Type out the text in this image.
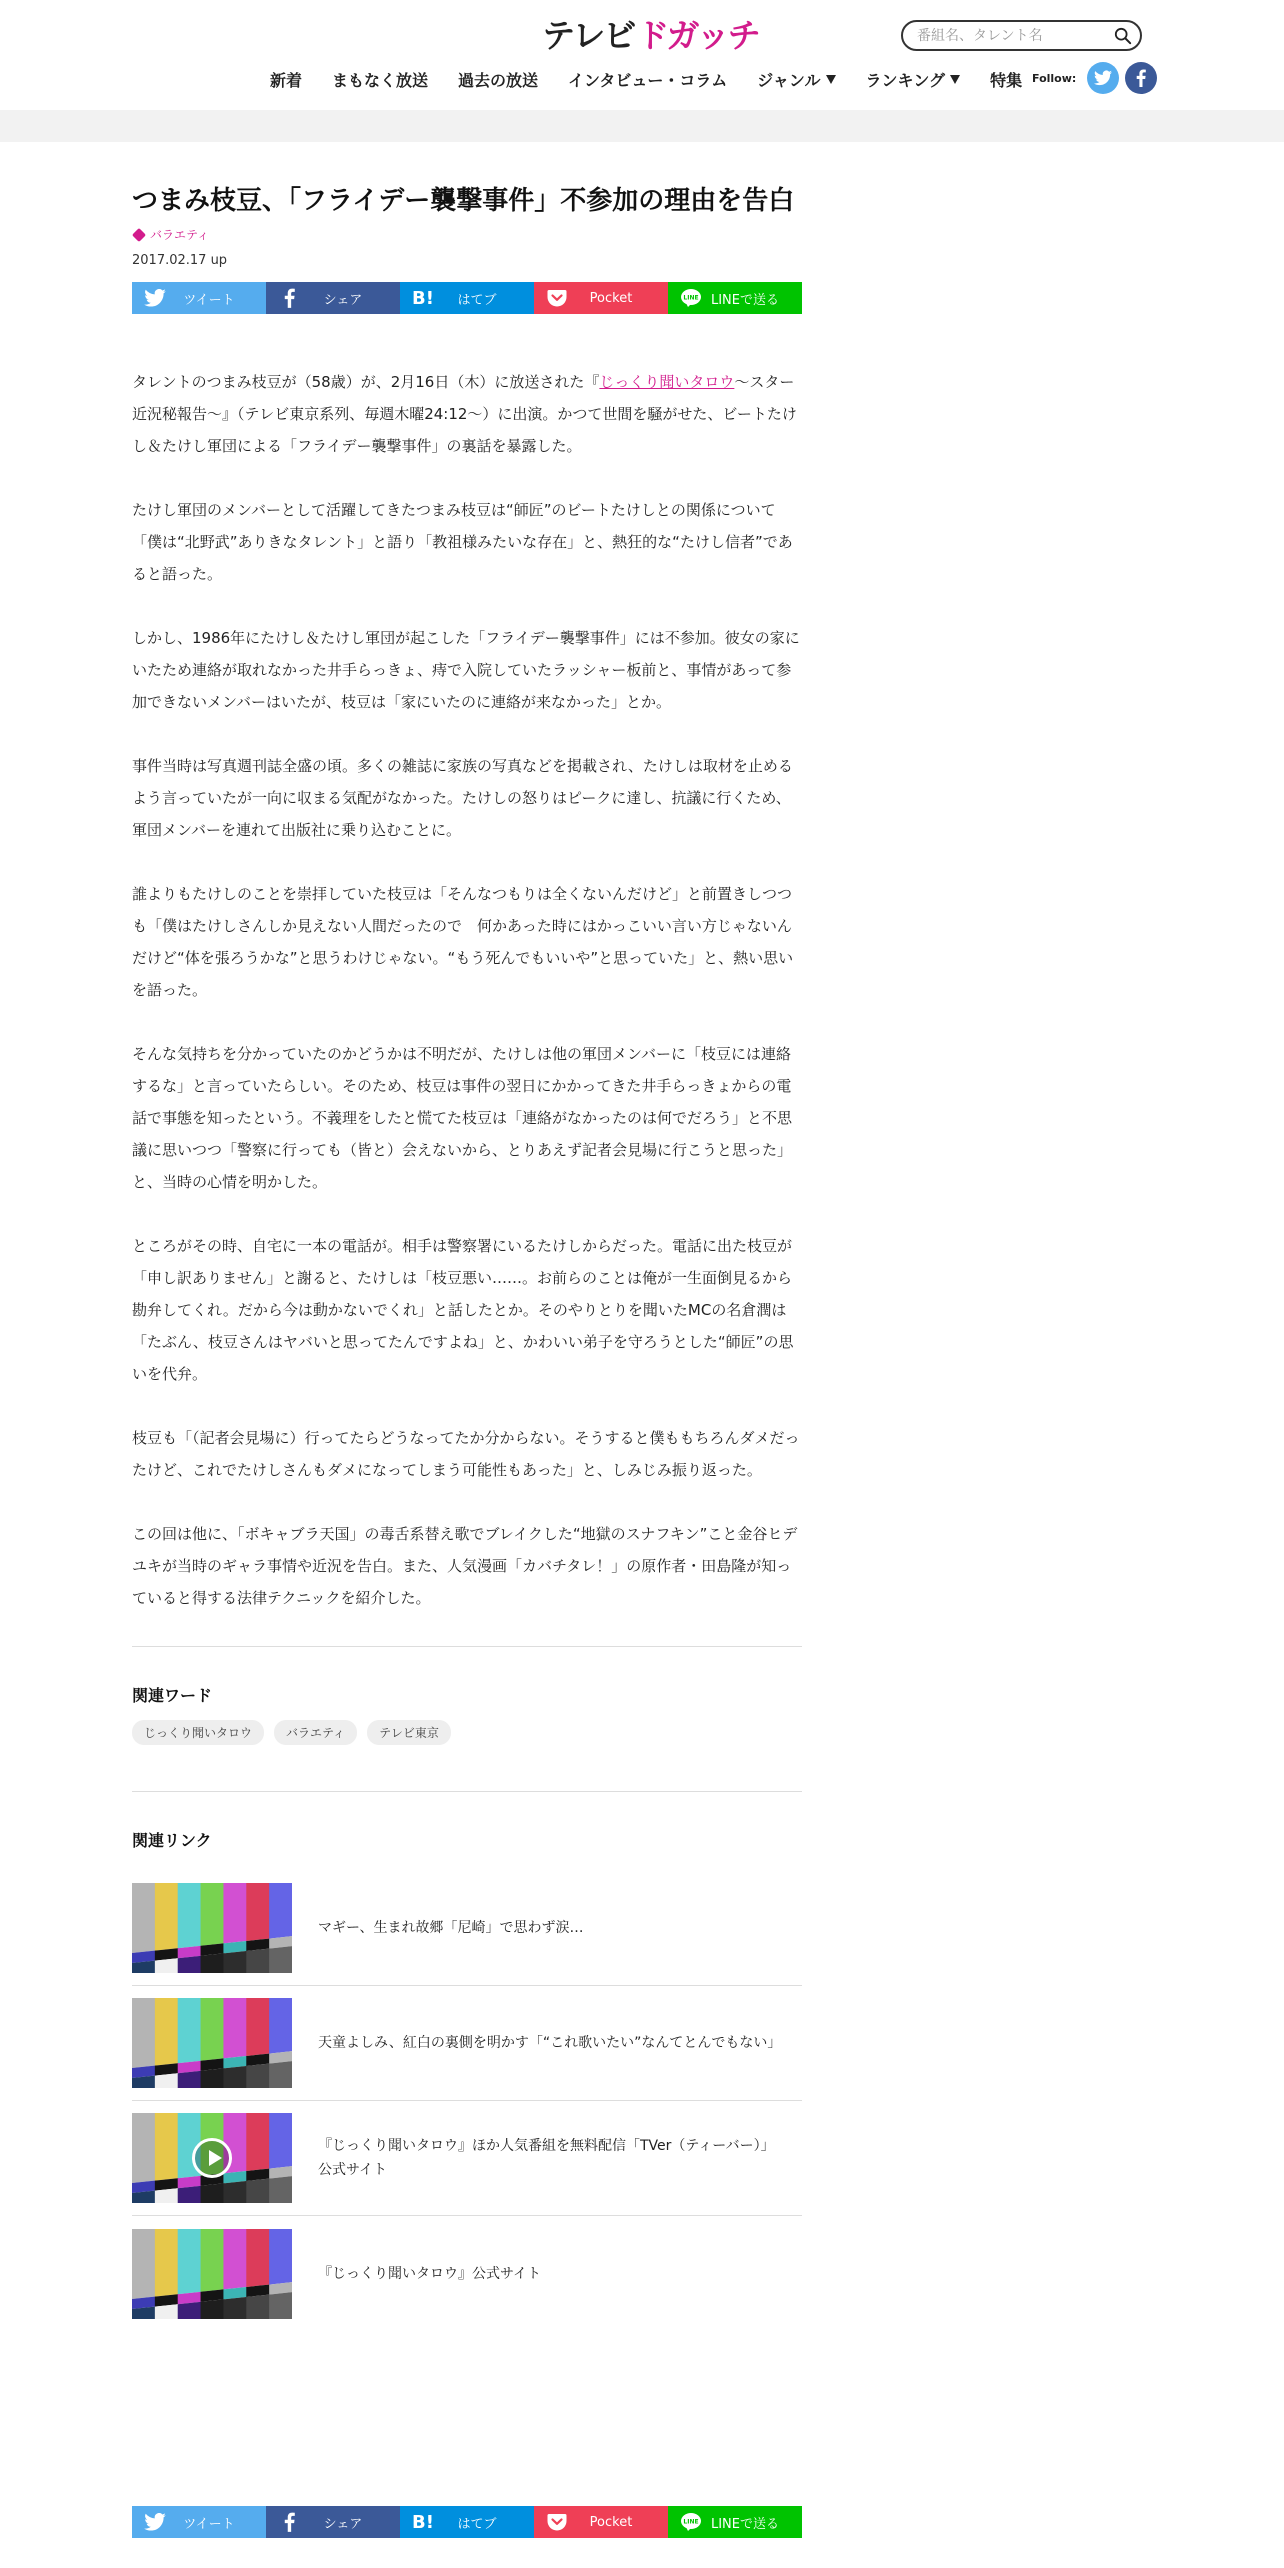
テレビ ドガッチ
番組名、タレント名
新着 まもなく放送 過去の放送 インタビュー・コラム ジャンル	ランキング	特集 Follow:
つまみ枝豆、「フライデー襲撃事件」不参加の理由を告白
バラエティ
2017.02.17 up
ツイート	シェア	B!	はてブ	Pocket	LINE LINEで送る

タレントのつまみ枝豆が（58歳）が、2月16日（木）に放送された『じっくり聞いタロウ～スター近況秘報告～』（テレビ東京系列、毎週木曜24:12～）に出演。かつて世間を騒がせた、ビートたけし＆たけし軍団による「フライデー襲撃事件」の裏話を暴露した。

たけし軍団のメンバーとして活躍してきたつまみ枝豆は“師匠”のビートたけしとの関係について「僕は“北野武”ありきなタレント」と語り「教祖様みたいな存在」と、熱狂的な“たけし信者”であると語った。

しかし、1986年にたけし＆たけし軍団が起こした「フライデー襲撃事件」には不参加。彼女の家にいたため連絡が取れなかった井手らっきょ、痔で入院していたラッシャー板前と、事情があって参加できないメンバーはいたが、枝豆は「家にいたのに連絡が来なかった」とか。

事件当時は写真週刊誌全盛の頃。多くの雑誌に家族の写真などを掲載され、たけしは取材を止めるよう言っていたが一向に収まる気配がなかった。たけしの怒りはピークに達し、抗議に行くため、軍団メンバーを連れて出版社に乗り込むことに。

誰よりもたけしのことを崇拝していた枝豆は「そんなつもりは全くないんだけど」と前置きしつつも「僕はたけしさんしか見えない人間だったので　何かあった時にはかっこいい言い方じゃないんだけど“体を張ろうかな”と思うわけじゃない。“もう死んでもいいや”と思っていた」と、熱い思いを語った。

そんな気持ちを分かっていたのかどうかは不明だが、たけしは他の軍団メンバーに「枝豆には連絡するな」と言っていたらしい。そのため、枝豆は事件の翌日にかかってきた井手らっきょからの電話で事態を知ったという。不義理をしたと慌てた枝豆は「連絡がなかったのは何でだろう」と不思議に思いつつ「警察に行っても（皆と）会えないから、とりあえず記者会見場に行こうと思った」と、当時の心情を明かした。

ところがその時、自宅に一本の電話が。相手は警察署にいるたけしからだった。電話に出た枝豆が「申し訳ありません」と謝ると、たけしは「枝豆悪い……。お前らのことは俺が一生面倒見るから勘弁してくれ。だから今は動かないでくれ」と話したとか。そのやりとりを聞いたMCの名倉潤は「たぶん、枝豆さんはヤバいと思ってたんですよね」と、かわいい弟子を守ろうとした“師匠”の思いを代弁。

枝豆も「（記者会見場に）行ってたらどうなってたか分からない。そうすると僕ももちろんダメだったけど、これでたけしさんもダメになってしまう可能性もあった」と、しみじみ振り返った。

この回は他に、「ボキャブラ天国」の毒舌系替え歌でブレイクした“地獄のスナフキン”こと金谷ヒデユキが当時のギャラ事情や近況を告白。また、人気漫画「カバチタレ！」の原作者・田島隆が知っていると得する法律テクニックを紹介した。

関連ワード
じっくり聞いタロウ	バラエティ	テレビ東京
関連リンク
マギー、生まれ故郷「尼崎」で思わず涙…
天童よしみ、紅白の裏側を明かす「“これ歌いたい”なんてとんでもない」
『じっくり聞いタロウ』ほか人気番組を無料配信「TVer（ティーバー）」公式サイト
『じっくり聞いタロウ』公式サイト
ツイート	シェア	B!	はてブ	Pocket	LINE LINEで送る
